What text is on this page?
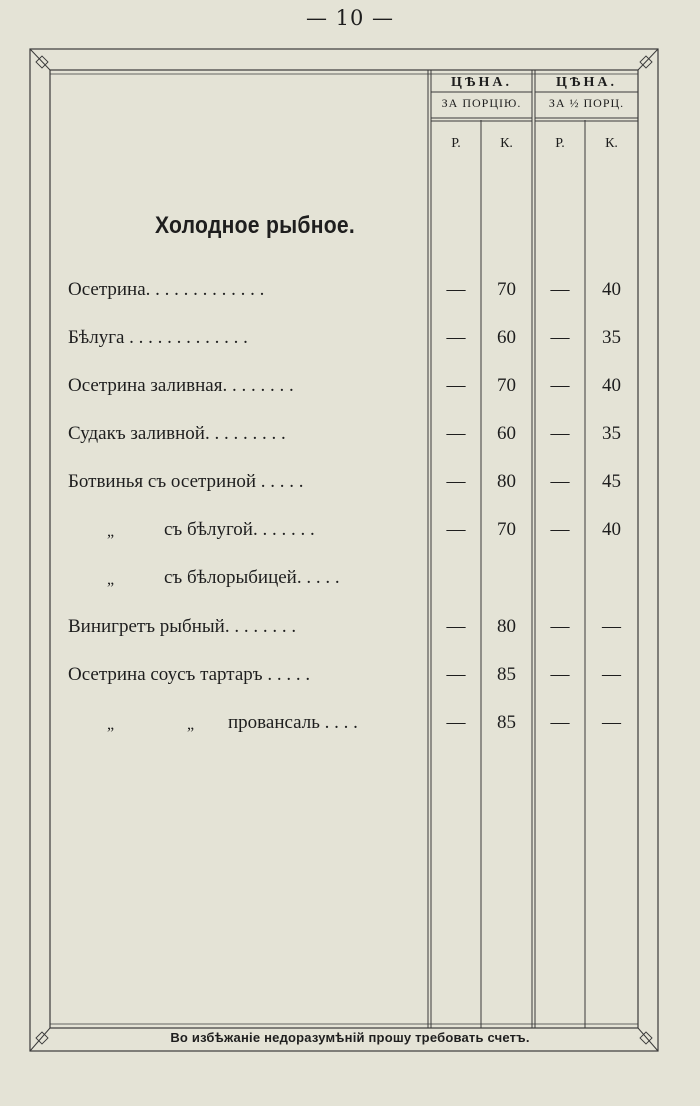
— 10 —
ЦѢНА.
ЗА ПОРЦІЮ.
ЦѢНА.
ЗА ½ ПОРЦ.
Р.	К.	Р.	К.
Холодное рыбное.
Осетрина. . . . . . . . . . . . .	—	70	—	40
Бѣлуга . . . . . . . . . . . . .	—	60	—	35
Осетрина заливная. . . . . . . .	—	70	—	40
Судакъ заливной. . . . . . . . .	—	60	—	35
Ботвинья съ осетриной . . . . .	—	80	—	45
„	съ бѣлугой. . . . . . .	—	70	—	40
„	съ бѣлорыбицей. . . . .
Винигретъ рыбный. . . . . . . .	—	80	—	—
Осетрина соусъ тартаръ . . . . .	—	85	—	—
„	„ провансаль . . . .	—	85	—	—
Во избѣжаніе недоразумѣній прошу требовать счетъ.
